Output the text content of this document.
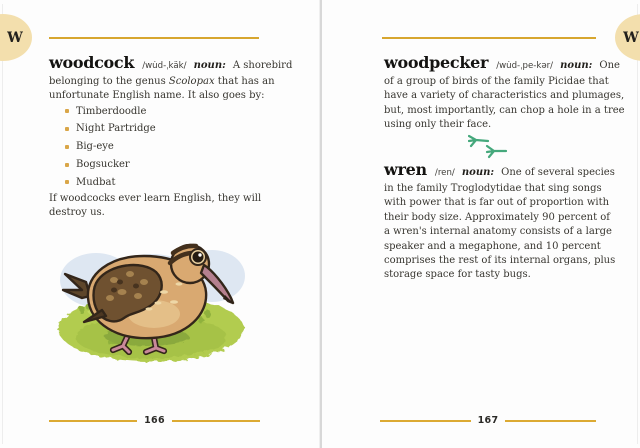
W
woodcock /wu̇d-ˌkäk/ noun: A shorebird
belonging to the genus Scolopax that has an
unfortunate English name. It also goes by:
Timberdoodle
Night Partridge
Big-eye
Bogsucker
Mudbat
If woodcocks ever learn English, they will
destroy us.
166
W
woodpecker /wu̇d-ˌpe-kər/ noun: One
of a group of birds of the family Picidae that
have a variety of characteristics and plumages,
but, most importantly, can chop a hole in a tree
using only their face.
wren /ren/ noun: One of several species
in the family Troglodytidae that sing songs
with power that is far out of proportion with
their body size. Approximately 90 percent of
a wren's internal anatomy consists of a large
speaker and a megaphone, and 10 percent
comprises the rest of its internal organs, plus
storage space for tasty bugs.
167
